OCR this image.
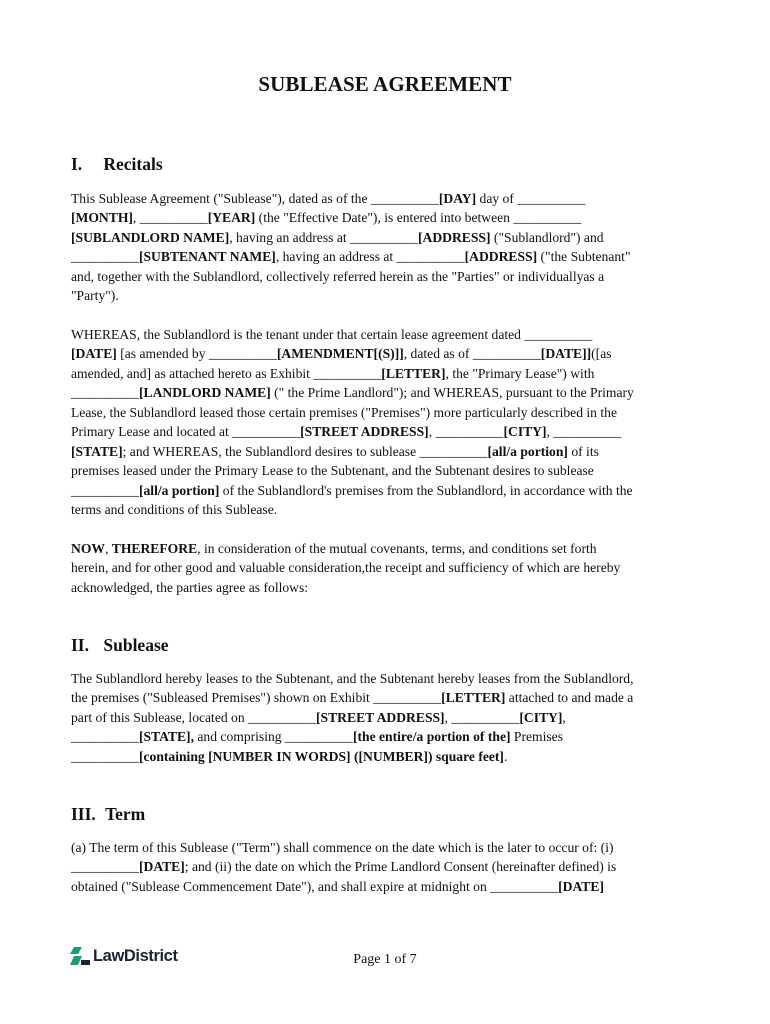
SUBLEASE AGREEMENT
I. Recitals
This Sublease Agreement ("Sublease"), dated as of the __________[DAY] day of __________
[MONTH], __________[YEAR] (the "Effective Date"), is entered into between __________
[SUBLANDLORD NAME], having an address at __________[ADDRESS] ("Sublandlord") and
__________[SUBTENANT NAME], having an address at __________[ADDRESS] ("the Subtenant"
and, together with the Sublandlord, collectively referred herein as the "Parties" or individuallyas a
"Party").
WHEREAS, the Sublandlord is the tenant under that certain lease agreement dated __________
[DATE] [as amended by __________[AMENDMENT[(S)]], dated as of __________[DATE]]([as
amended, and] as attached hereto as Exhibit __________[LETTER], the "Primary Lease") with
__________[LANDLORD NAME] (" the Prime Landlord"); and WHEREAS, pursuant to the Primary
Lease, the Sublandlord leased those certain premises ("Premises") more particularly described in the
Primary Lease and located at __________[STREET ADDRESS], __________[CITY], __________
[STATE]; and WHEREAS, the Sublandlord desires to sublease __________[all/a portion] of its
premises leased under the Primary Lease to the Subtenant, and the Subtenant desires to sublease
__________[all/a portion] of the Sublandlord's premises from the Sublandlord, in accordance with the
terms and conditions of this Sublease.
NOW, THEREFORE, in consideration of the mutual covenants, terms, and conditions set forth
herein, and for other good and valuable consideration,the receipt and sufficiency of which are hereby
acknowledged, the parties agree as follows:
II. Sublease
The Sublandlord hereby leases to the Subtenant, and the Subtenant hereby leases from the Sublandlord,
the premises ("Subleased Premises") shown on Exhibit __________[LETTER] attached to and made a
part of this Sublease, located on __________[STREET ADDRESS], __________[CITY],
__________[STATE], and comprising __________[the entire/a portion of the] Premises
__________[containing [NUMBER IN WORDS] ([NUMBER]) square feet].
III. Term
(a) The term of this Sublease ("Term") shall commence on the date which is the later to occur of: (i)
__________[DATE]; and (ii) the date on which the Prime Landlord Consent (hereinafter defined) is
obtained ("Sublease Commencement Date"), and shall expire at midnight on __________[DATE]
LawDistrict	Page 1 of 7
